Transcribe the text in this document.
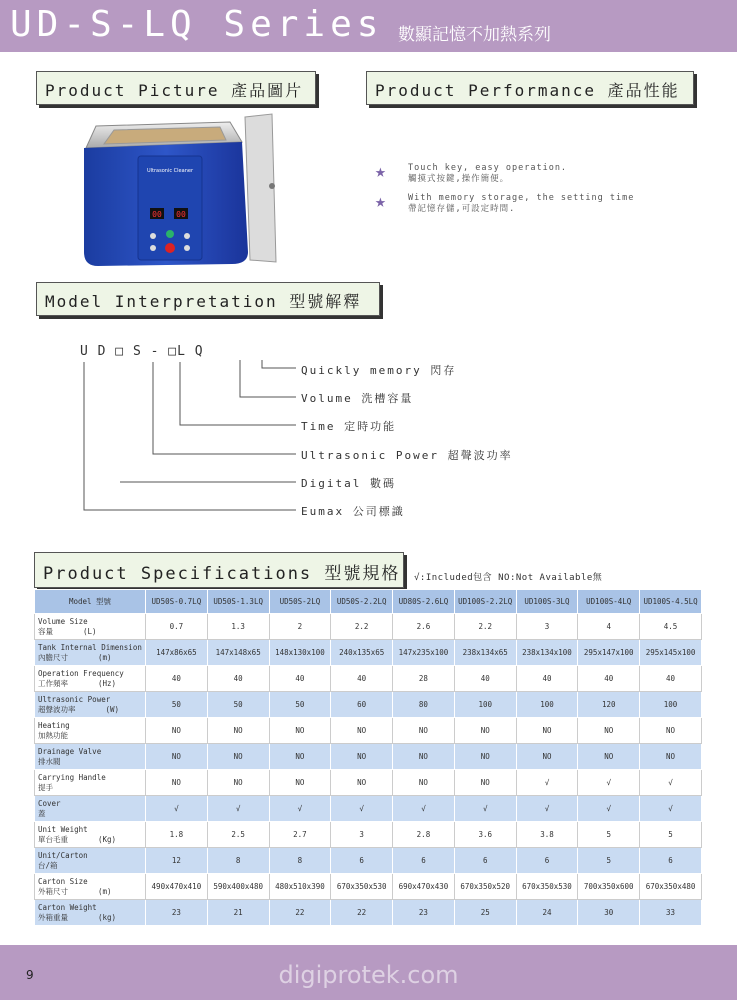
UD-S-LQ Series 數顯記憶不加熱系列
Product Picture 產品圖片	Product Performance 產品性能
Ultrasonic Cleaner
00 00
★	Touch key, easy operation.
觸摸式按鍵,操作簡便。
★	With memory storage, the setting time
帶記憶存儲,可設定時間.
Model Interpretation 型號解釋
U D □ S - □L Q
Quickly memory 閃存
Volume 洗槽容量
Time 定時功能
Ultrasonic Power 超聲波功率
Digital 數碼
Eumax 公司標識
Product Specifications 型號規格	√:Included包含 NO:Not Available無
Model 型號	UD50S-0.7LQ	UD50S-1.3LQ	UD50S-2LQ	UD50S-2.2LQ	UD80S-2.6LQ	UD100S-2.2LQ	UD100S-3LQ	UD100S-4LQ	UD100S-4.5LQ
Volume Size
容量 (L)	0.7	1.3	2	2.2	2.6	2.2	3	4	4.5
Tank Internal Dimension
內膽尺寸 (m)	147x86x65	147x148x65	148x130x100	240x135x65	147x235x100	238x134x65	238x134x100	295x147x100	295x145x100
Operation Frequency
工作頻率 (Hz)	40	40	40	40	28	40	40	40	40
Ultrasonic Power
超聲波功率 (W)	50	50	50	60	80	100	100	120	100
Heating
加熱功能	NO	NO	NO	NO	NO	NO	NO	NO	NO
Drainage Valve
排水閥	NO	NO	NO	NO	NO	NO	NO	NO	NO
Carrying Handle
提手	NO	NO	NO	NO	NO	NO	√	√	√
Cover
蓋	√	√	√	√	√	√	√	√	√
Unit Weight
單台毛重 (Kg)	1.8	2.5	2.7	3	2.8	3.6	3.8	5	5
Unit/Carton
台/箱	12	8	8	6	6	6	6	5	6
Carton Size
外箱尺寸 (m)	490x470x410	590x400x480	480x510x390	670x350x530	690x470x430	670x350x520	670x350x530	700x350x600	670x350x480
Carton Weight
外箱重量 (kg)	23	21	22	22	23	25	24	30	33
9	digiprotek.com
